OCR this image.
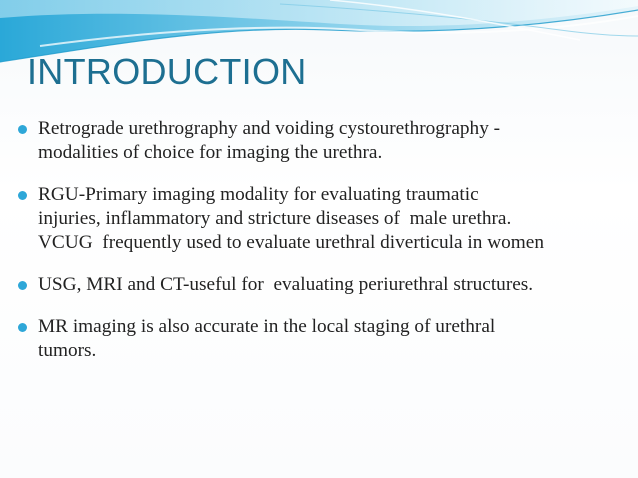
INTRODUCTION
Retrograde urethrography and voiding cystourethrography -
modalities of choice for imaging the urethra.
RGU-Primary imaging modality for evaluating traumatic
injuries, inflammatory and stricture diseases of  male urethra.
VCUG  frequently used to evaluate urethral diverticula in women
USG, MRI and CT-useful for  evaluating periurethral structures.
MR imaging is also accurate in the local staging of urethral
tumors.
